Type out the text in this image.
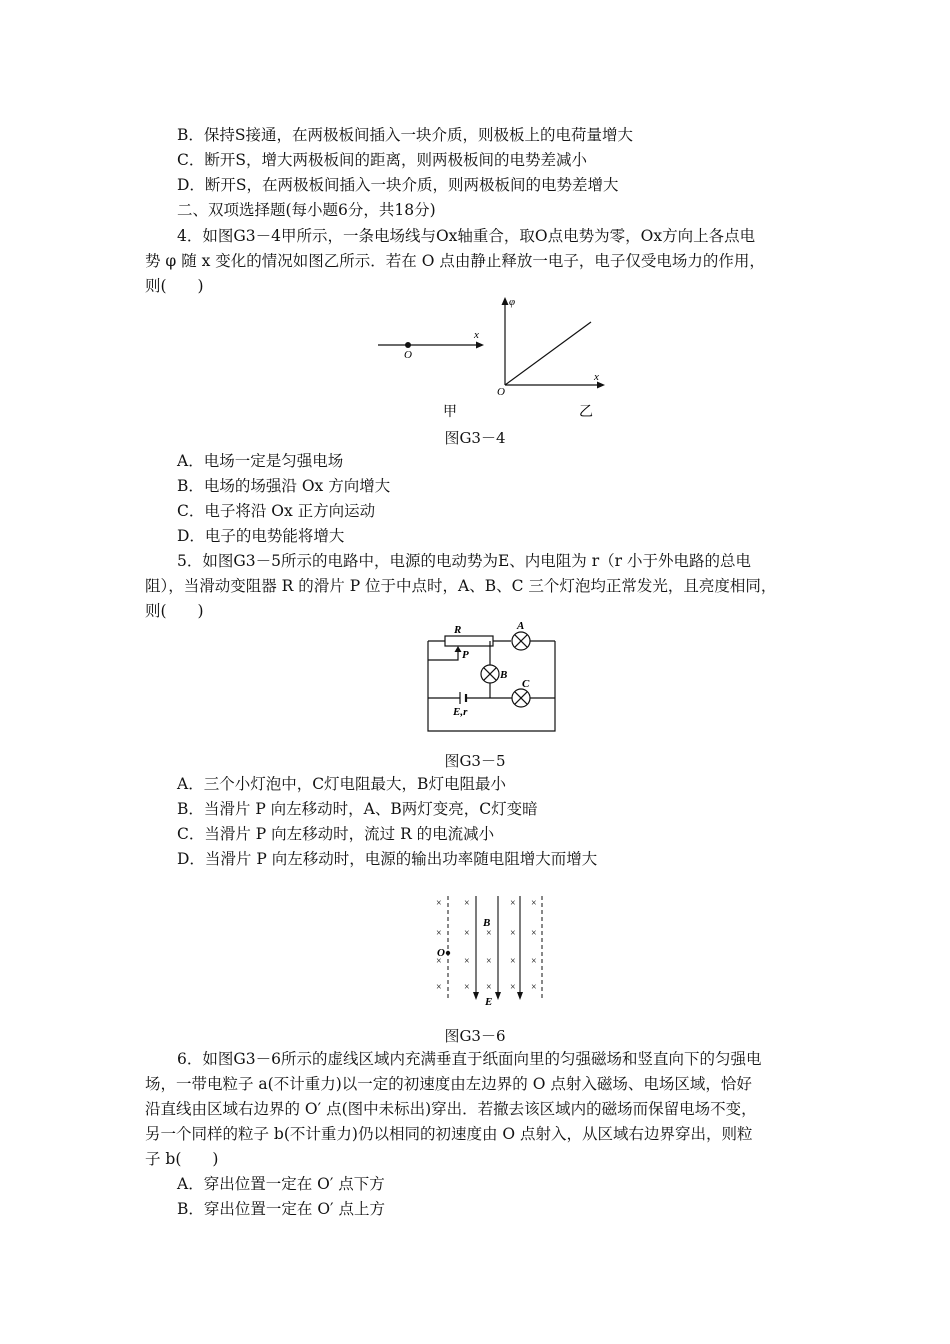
B．保持S接通，在两极板间插入一块介质，则极板上的电荷量增大
C．断开S，增大两极板间的距离，则两极板间的电势差减小
D．断开S，在两极板间插入一块介质，则两极板间的电势差增大
二、双项选择题(每小题6分，共18分)
4．如图G3－4甲所示，一条电场线与Ox轴重合，取O点电势为零，Ox方向上各点电
势 φ 随 x 变化的情况如图乙所示．若在 O 点由静止释放一电子，电子仅受电场力的作用，
则(　　)
O
x
φ
x
O
甲	乙
图G3－4
A．电场一定是匀强电场
B．电场的场强沿 Ox 方向增大
C．电子将沿 Ox 正方向运动
D．电子的电势能将增大
5．如图G3－5所示的电路中，电源的电动势为E、内电阻为 r（r 小于外电路的总电
阻），当滑动变阻器 R 的滑片 P 位于中点时，A、B、C 三个灯泡均正常发光，且亮度相同，
则(　　)
R
P
A
B
C
E,r
图G3－5
A．三个小灯泡中，C灯电阻最大，B灯电阻最小
B．当滑片 P 向左移动时，A、B两灯变亮，C灯变暗
C．当滑片 P 向左移动时，流过 R 的电流减小
D．当滑片 P 向左移动时，电源的输出功率随电阻增大而增大
O
B
E
× ×	× ×
× × × × ×
× × × × ×
× × × × ×
图G3－6
6．如图G3－6所示的虚线区域内充满垂直于纸面向里的匀强磁场和竖直向下的匀强电
场，一带电粒子 a(不计重力)以一定的初速度由左边界的 O 点射入磁场、电场区域，恰好
沿直线由区域右边界的 O′ 点(图中未标出)穿出．若撤去该区域内的磁场而保留电场不变，
另一个同样的粒子 b(不计重力)仍以相同的初速度由 O 点射入，从区域右边界穿出，则粒
子 b(　　)
A．穿出位置一定在 O′ 点下方
B．穿出位置一定在 O′ 点上方
